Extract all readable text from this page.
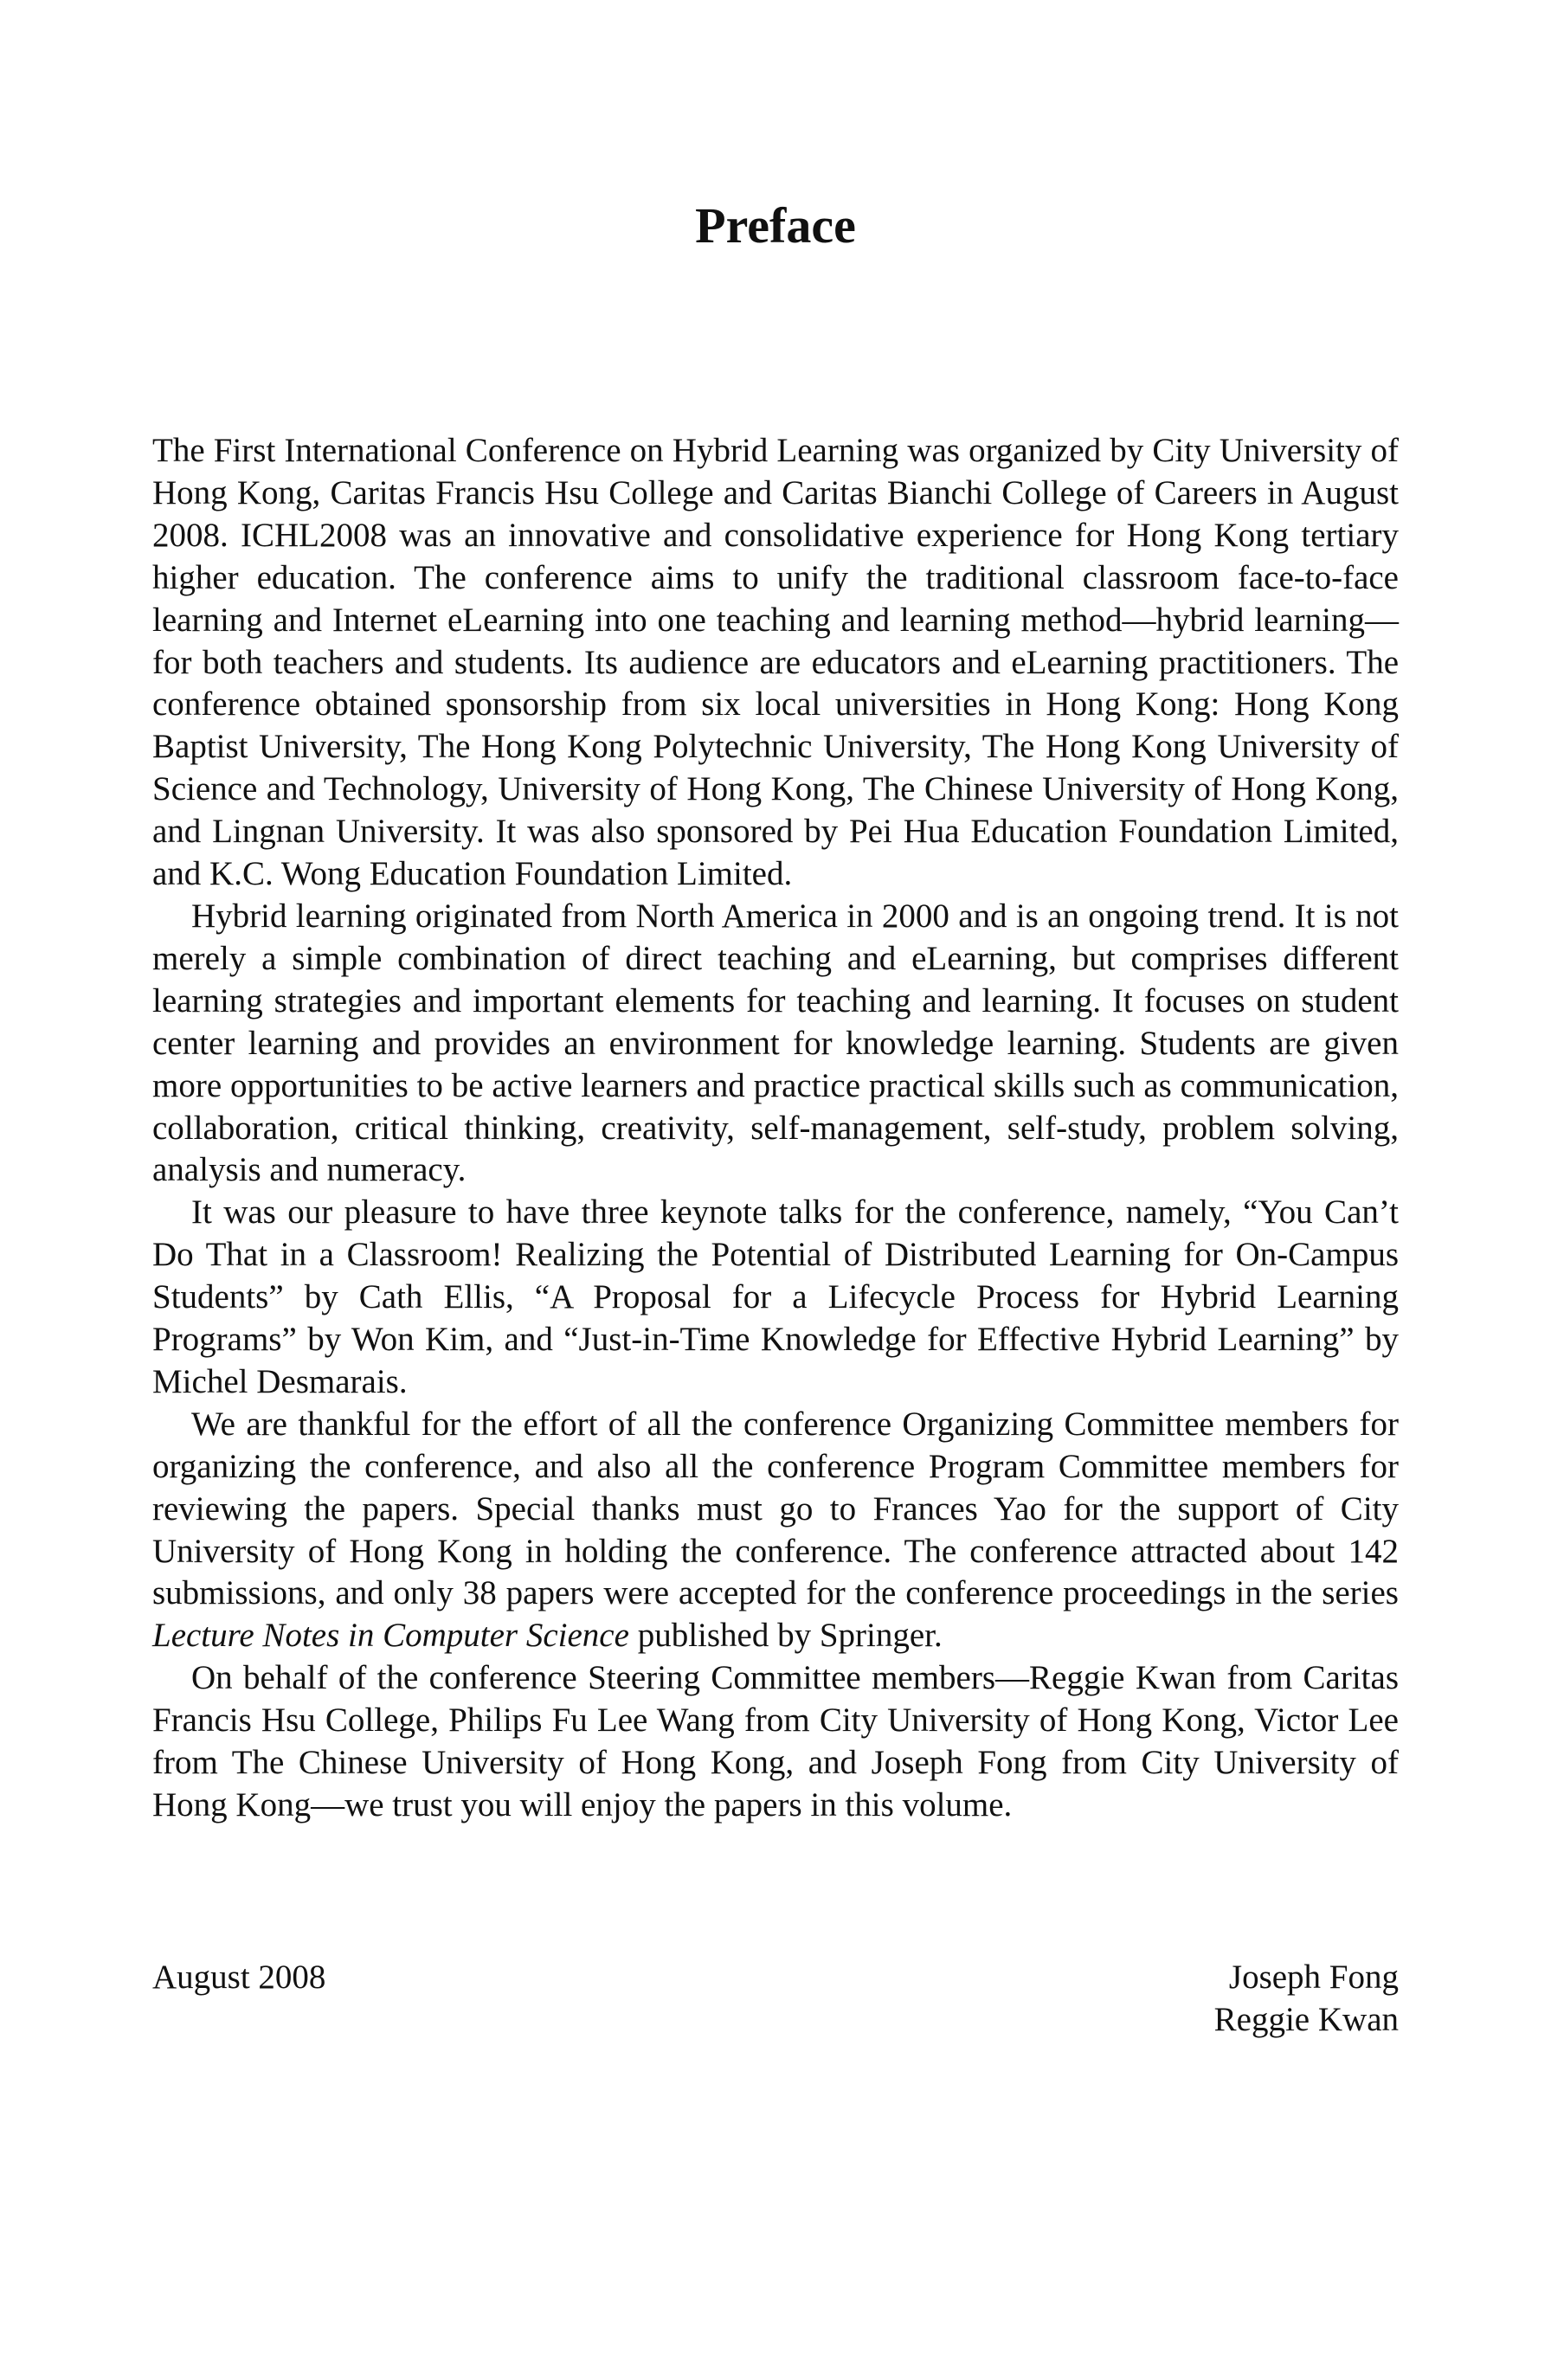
Preface

The First International Conference on Hybrid Learning was organized by City University of Hong Kong, Caritas Francis Hsu College and Caritas Bianchi College of Careers in August 2008. ICHL2008 was an innovative and consolidative experience for Hong Kong tertiary higher education. The conference aims to unify the traditional classroom face-to-face learning and Internet eLearning into one teaching and learning method—hybrid learning—for both teachers and students. Its audience are educators and eLearning practitioners. The conference obtained sponsorship from six local universities in Hong Kong: Hong Kong Baptist University, The Hong Kong Polytechnic University, The Hong Kong University of Science and Technology, University of Hong Kong, The Chinese University of Hong Kong, and Lingnan University. It was also sponsored by Pei Hua Education Foundation Limited, and K.C. Wong Education Foundation Limited.

Hybrid learning originated from North America in 2000 and is an ongoing trend. It is not merely a simple combination of direct teaching and eLearning, but comprises different learning strategies and important elements for teaching and learning. It focuses on student center learning and provides an environment for knowledge learning. Students are given more opportunities to be active learners and practice practical skills such as communication, collaboration, critical thinking, creativity, self-management, self-study, problem solving, analysis and numeracy.

It was our pleasure to have three keynote talks for the conference, namely, “You Can’t Do That in a Classroom! Realizing the Potential of Distributed Learning for On-Campus Students” by Cath Ellis, “A Proposal for a Lifecycle Process for Hybrid Learning Programs” by Won Kim, and “Just-in-Time Knowledge for Effective Hybrid Learning” by Michel Desmarais.

We are thankful for the effort of all the conference Organizing Committee members for organizing the conference, and also all the conference Program Committee members for reviewing the papers. Special thanks must go to Frances Yao for the support of City University of Hong Kong in holding the conference. The conference attracted about 142 submissions, and only 38 papers were accepted for the conference proceedings in the series Lecture Notes in Computer Science published by Springer.

On behalf of the conference Steering Committee members—Reggie Kwan from Caritas Francis Hsu College, Philips Fu Lee Wang from City University of Hong Kong, Victor Lee from The Chinese University of Hong Kong, and Joseph Fong from City University of Hong Kong—we trust you will enjoy the papers in this volume.

August 2008	Joseph Fong
Reggie Kwan
